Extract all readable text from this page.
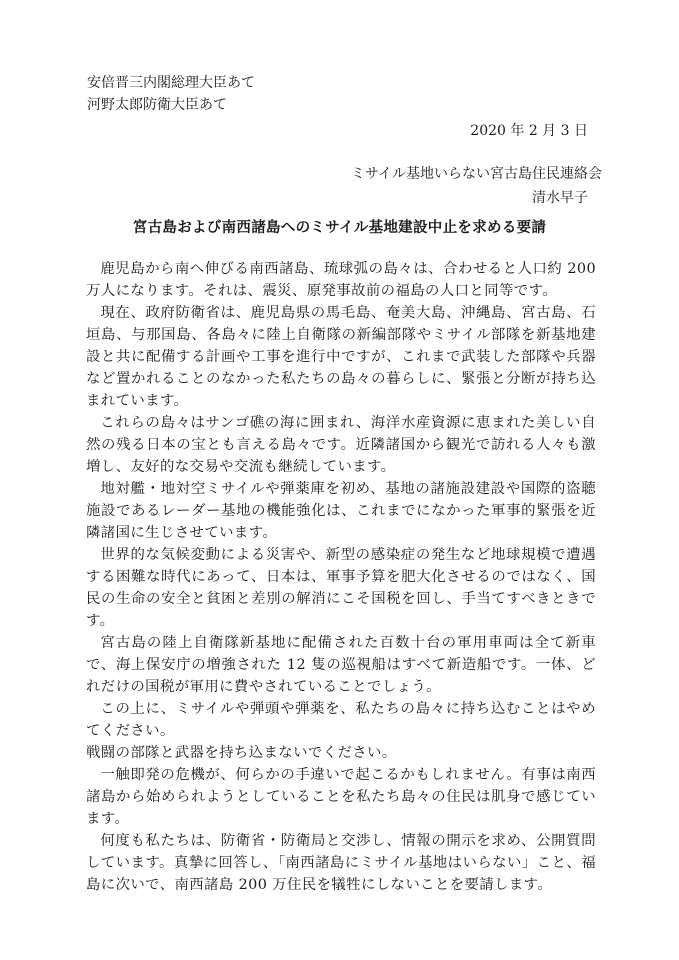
安倍晋三内閣総理大臣あて
河野太郎防衛大臣あて
2020 年 2 月 3 日
ミサイル基地いらない宮古島住民連絡会
清水早子
宮古島および南西諸島へのミサイル基地建設中止を求める要請

鹿児島から南へ伸びる南西諸島、琉球弧の島々は、合わせると人口約 200 万人になります。それは、震災、原発事故前の福島の人口と同等です。

現在、政府防衛省は、鹿児島県の馬毛島、奄美大島、沖縄島、宮古島、石垣島、与那国島、各島々に陸上自衛隊の新編部隊やミサイル部隊を新基地建設と共に配備する計画や工事を進行中ですが、これまで武装した部隊や兵器など置かれることのなかった私たちの島々の暮らしに、緊張と分断が持ち込まれています。

これらの島々はサンゴ礁の海に囲まれ、海洋水産資源に恵まれた美しい自然の残る日本の宝とも言える島々です。近隣諸国から観光で訪れる人々も激増し、友好的な交易や交流も継続しています。

地対艦・地対空ミサイルや弾薬庫を初め、基地の諸施設建設や国際的盗聴施設であるレーダー基地の機能強化は、これまでになかった軍事的緊張を近隣諸国に生じさせています。

世界的な気候変動による災害や、新型の感染症の発生など地球規模で遭遇する困難な時代にあって、日本は、軍事予算を肥大化させるのではなく、国民の生命の安全と貧困と差別の解消にこそ国税を回し、手当てすべきときです。

宮古島の陸上自衛隊新基地に配備された百数十台の軍用車両は全て新車で、海上保安庁の増強された 12 隻の巡視船はすべて新造船です。一体、どれだけの国税が軍用に費やされていることでしょう。

この上に、ミサイルや弾頭や弾薬を、私たちの島々に持ち込むことはやめてください。

戦闘の部隊と武器を持ち込まないでください。

一触即発の危機が、何らかの手違いで起こるかもしれません。有事は南西諸島から始められようとしていることを私たち島々の住民は肌身で感じています。

何度も私たちは、防衛省・防衛局と交渉し、情報の開示を求め、公開質問しています。真摯に回答し、「南西諸島にミサイル基地はいらない」こと、福島に次いで、南西諸島 200 万住民を犠牲にしないことを要請します。
